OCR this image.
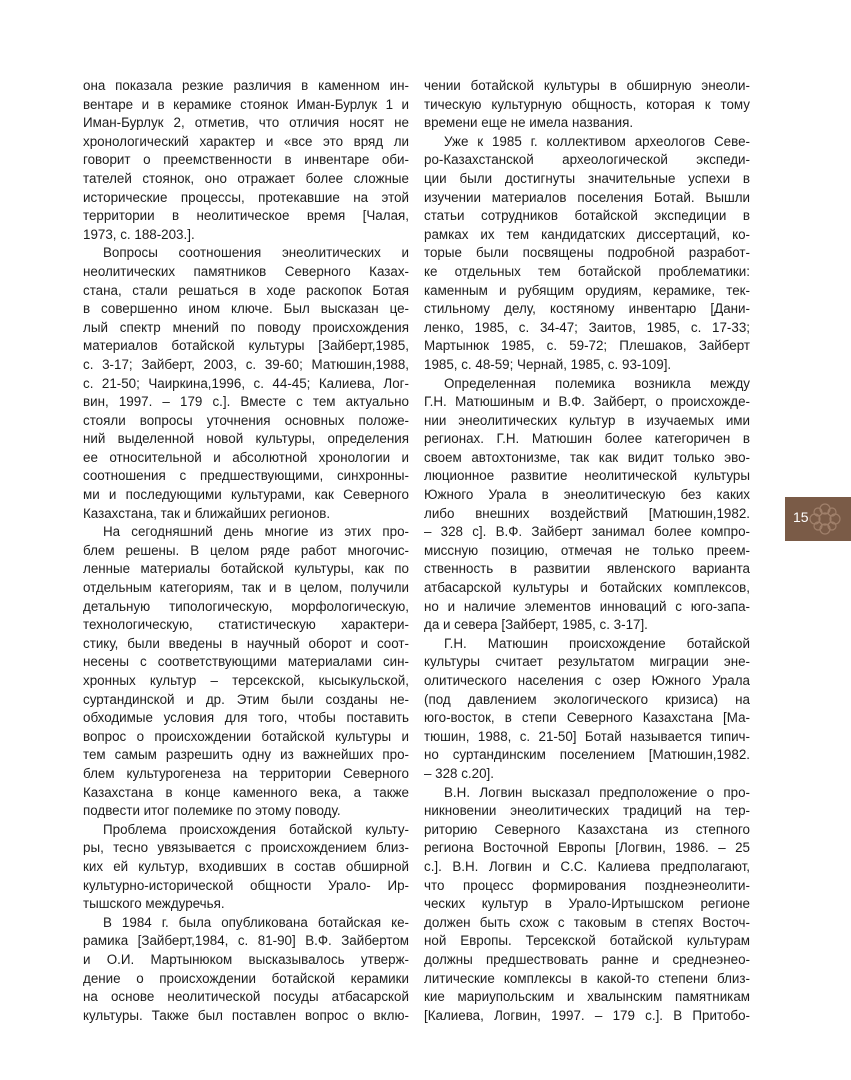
она показала резкие различия в каменном ин-
вентаре и в керамике стоянок Иман-Бурлук 1 и
Иман-Бурлук 2, отметив, что отличия носят не
хронологический характер и «все это вряд ли
говорит о преемственности в инвентаре оби-
тателей стоянок, оно отражает более сложные
исторические процессы, протекавшие на этой
территории в неолитическое время [Чалая,
1973, с. 188-203.].
Вопросы соотношения энеолитических и
неолитических памятников Северного Казах-
стана, стали решаться в ходе раскопок Ботая
в совершенно ином ключе. Был высказан це-
лый спектр мнений по поводу происхождения
материалов ботайской культуры [Зайберт,1985,
с. 3-17; Зайберт, 2003, с. 39-60; Матюшин,1988,
с. 21-50; Чаиркина,1996, с. 44-45; Калиева, Лог-
вин, 1997. – 179 с.]. Вместе с тем актуально
стояли вопросы уточнения основных положе-
ний выделенной новой культуры, определения
ее относительной и абсолютной хронологии и
соотношения с предшествующими, синхронны-
ми и последующими культурами, как Северного
Казахстана, так и ближайших регионов.
На сегодняшний день многие из этих про-
блем решены. В целом ряде работ многочис-
ленные материалы ботайской культуры, как по
отдельным категориям, так и в целом, получили
детальную типологическую, морфологическую,
технологическую, статистическую характери-
стику, были введены в научный оборот и соот-
несены с соответствующими материалами син-
хронных культур – терсекской, кысыкульской,
суртандинской и др. Этим были созданы не-
обходимые условия для того, чтобы поставить
вопрос о происхождении ботайской культуры и
тем самым разрешить одну из важнейших про-
блем культурогенеза на территории Северного
Казахстана в конце каменного века, а также
подвести итог полемике по этому поводу.
Проблема происхождения ботайской культу-
ры, тесно увязывается с происхождением близ-
ких ей культур, входивших в состав обширной
культурно-исторической общности Урало- Ир-
тышского междуречья.
В 1984 г. была опубликована ботайская ке-
рамика [Зайберт,1984, с. 81-90] В.Ф. Зайбертом
и О.И. Мартынюком высказывалось утверж-
дение о происхождении ботайской керамики
на основе неолитической посуды атбасарской
культуры. Также был поставлен вопрос о вклю-
чении ботайской культуры в обширную энеоли-
тическую культурную общность, которая к тому
времени еще не имела названия.
Уже к 1985 г. коллективом археологов Севе-
ро-Казахстанской археологической экспеди-
ции были достигнуты значительные успехи в
изучении материалов поселения Ботай. Вышли
статьи сотрудников ботайской экспедиции в
рамках их тем кандидатских диссертаций, ко-
торые были посвящены подробной разработ-
ке отдельных тем ботайской проблематики:
каменным и рубящим орудиям, керамике, тек-
стильному делу, костяному инвентарю [Дани-
ленко, 1985, с. 34-47; Заитов, 1985, с. 17-33;
Мартынюк 1985, с. 59-72; Плешаков, Зайберт
1985, с. 48-59; Чернай, 1985, с. 93-109].
Определенная полемика возникла между
Г.Н. Матюшиным и В.Ф. Зайберт, о происхожде-
нии энеолитических культур в изучаемых ими
регионах. Г.Н. Матюшин более категоричен в
своем автохтонизме, так как видит только эво-
люционное развитие неолитической культуры
Южного Урала в энеолитическую без каких
либо внешних воздействий [Матюшин,1982.
– 328 с]. В.Ф. Зайберт занимал более компро-
миссную позицию, отмечая не только преем-
ственность в развитии явленского варианта
атбасарской культуры и ботайских комплексов,
но и наличие элементов инноваций с юго-запа-
да и севера [Зайберт, 1985, с. 3-17].
Г.Н. Матюшин происхождение ботайской
культуры считает результатом миграции эне-
олитического населения с озер Южного Урала
(под давлением экологического кризиса) на
юго-восток, в степи Северного Казахстана [Ма-
тюшин, 1988, с. 21-50] Ботай называется типич-
но суртандинским поселением [Матюшин,1982.
– 328 с.20].
В.Н. Логвин высказал предположение о про-
никновении энеолитических традиций на тер-
риторию Северного Казахстана из степного
региона Восточной Европы [Логвин, 1986. – 25
с.]. В.Н. Логвин и С.С. Калиева предполагают,
что процесс формирования позднеэнеолити-
ческих культур в Урало-Иртышском регионе
должен быть схож с таковым в степях Восточ-
ной Европы. Терсекской ботайской культурам
должны предшествовать ранне и среднеэнео-
литические комплексы в какой-то степени близ-
кие мариупольским и хвалынским памятникам
[Калиева, Логвин, 1997. – 179 с.]. В Притобо-
15
